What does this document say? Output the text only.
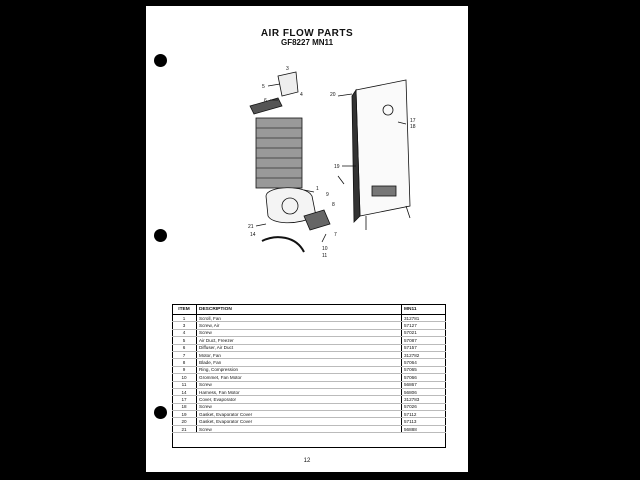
AIR FLOW PARTS
GF8227 MN11
5
6
3
4
1
9
8
7
21
14
10
11
20
17
18
19
ITEM	DESCRIPTION	MN11
1	Scroll, Fan	312781
3	Screw, Air	57127
4	Screw	57021
5	Air Duct, Freezer	57087
6	Diffuser, Air Duct	57157
7	Motor, Fan	312782
8	Blade, Fan	57064
9	Ring, Compression	57065
10	Grommet, Fan Motor	57066
11	Screw	56867
14	Harness, Fan Motor	56806
17	Cover, Evaporator	312783
18	Screw	57026
19	Gasket, Evaporator Cover	57112
20	Gasket, Evaporator Cover	57113
21	Screw	56888
12
